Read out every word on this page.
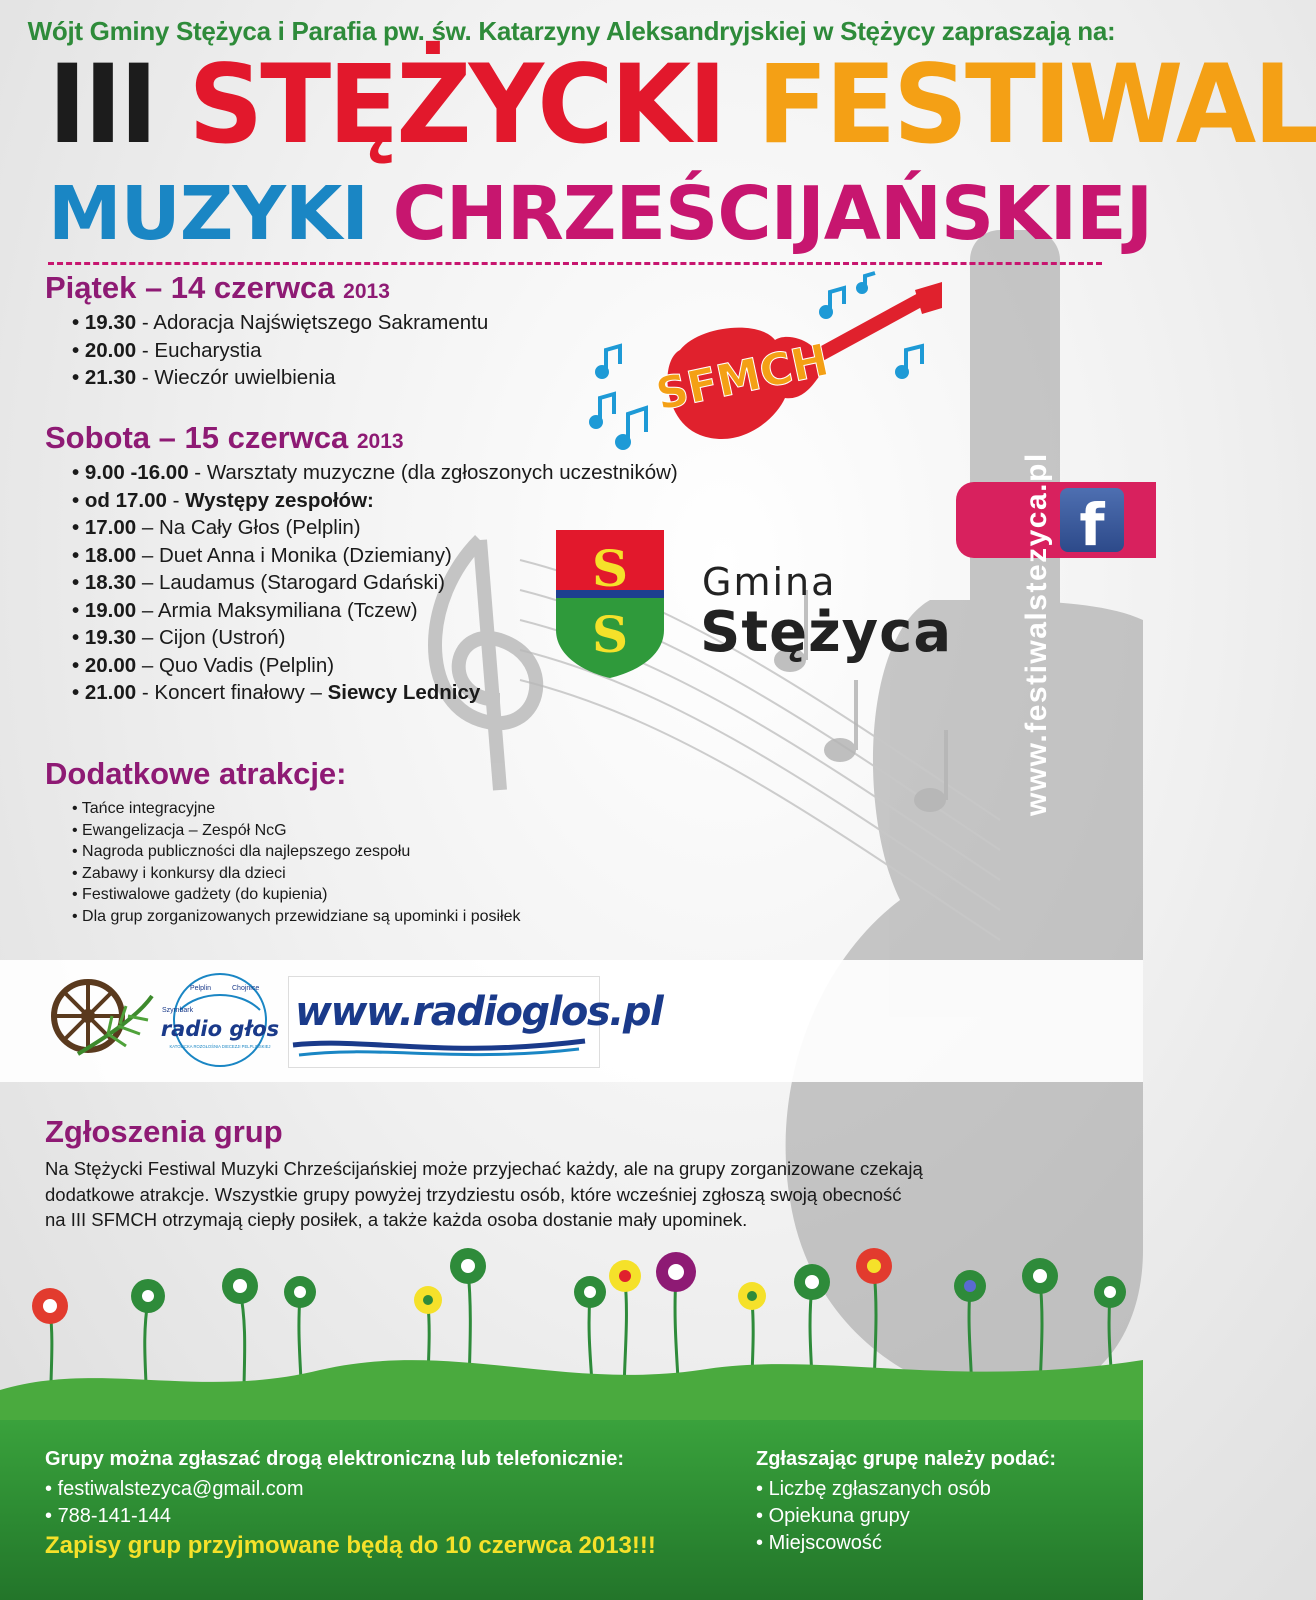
Wójt Gminy Stężyca i Parafia pw. św. Katarzyny Aleksandryjskiej w Stężycy zapraszają na:
III STĘŻYCKI FESTIWAL
MUZYKI CHRZEŚCIJAŃSKIEJ
Piątek – 14 czerwca 2013
• 19.30 - Adoracja Najświętszego Sakramentu
• 20.00 - Eucharystia
• 21.30 - Wieczór uwielbienia
Sobota – 15 czerwca 2013
• 9.00 -16.00 - Warsztaty muzyczne (dla zgłoszonych uczestników)
• od 17.00 - Występy zespołów:
• 17.00 – Na Cały Głos (Pelplin)
• 18.00 – Duet Anna i Monika (Dziemiany)
• 18.30 – Laudamus (Starogard Gdański)
• 19.00 – Armia Maksymiliana (Tczew)
• 19.30 – Cijon (Ustroń)
• 20.00 – Quo Vadis (Pelplin)
• 21.00 - Koncert finałowy – Siewcy Lednicy
SFMCH
S
S
Gmina
Stężyca
f
www.festiwalstezyca.pl
Dodatkowe atrakcje:
• Tańce integracyjne
• Ewangelizacja – Zespół NcG
• Nagroda publiczności dla najlepszego zespołu
• Zabawy i konkursy dla dzieci
• Festiwalowe gadżety (do kupienia)
• Dla grup zorganizowanych przewidziane są upominki i posiłek
Pelplin	Chojnice
Szymbark
radio głos
KATOLICKA ROZGŁOŚNIA DIECEZJI PELPLIŃSKIEJ
www.radioglos.pl
Zgłoszenia grup
Na Stężycki Festiwal Muzyki Chrześcijańskiej może przyjechać każdy, ale na grupy zorganizowane czekają
dodatkowe atrakcje. Wszystkie grupy powyżej trzydziestu osób, które wcześniej zgłoszą swoją obecność
na III SFMCH otrzymają ciepły posiłek, a także każda osoba dostanie mały upominek.
Grupy można zgłaszać drogą elektroniczną lub telefonicznie:
• festiwalstezyca@gmail.com
• 788-141-144
Zapisy grup przyjmowane będą do 10 czerwca 2013!!!
Zgłaszając grupę należy podać:
• Liczbę zgłaszanych osób
• Opiekuna grupy
• Miejscowość
